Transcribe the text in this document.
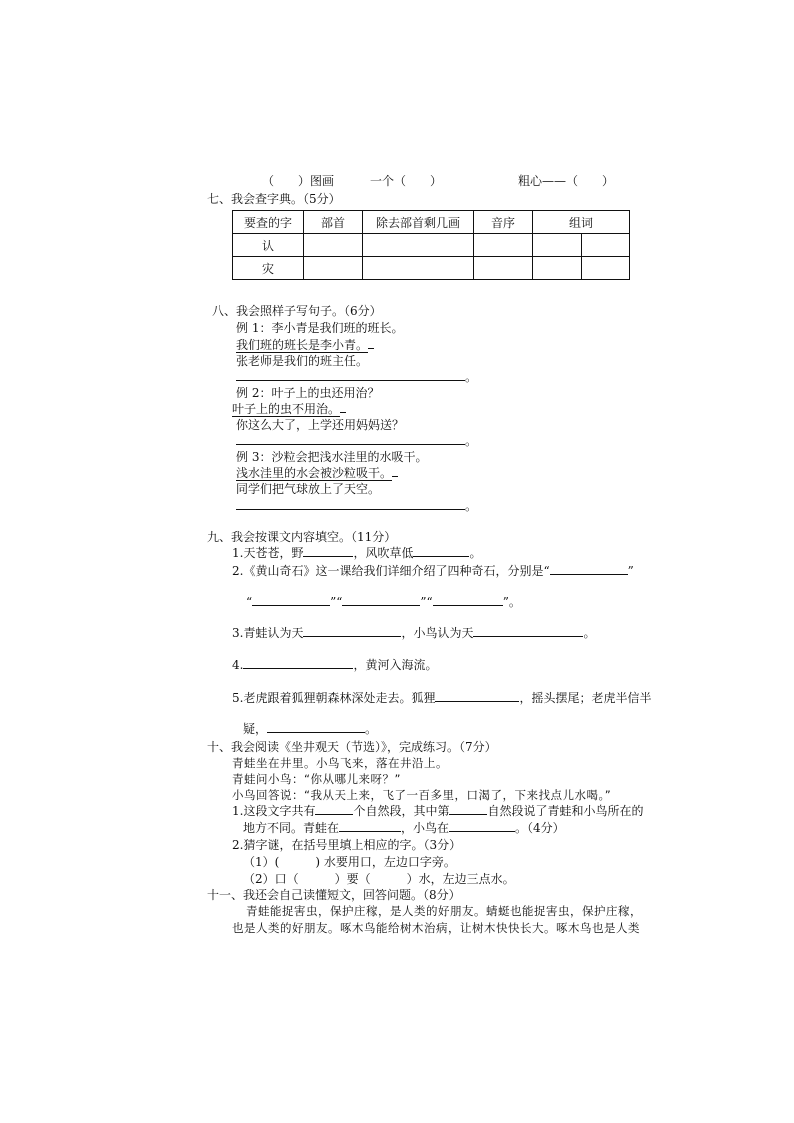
（　　）图画	一个（　　）	粗心——（　　）
七、我会查字典。（5分）
要查的字	部首	除去部首剩几画	音序	组词	
认					
灾					
八、我会照样子写句子。（6分）
例 1：李小青是我们班的班长。
我们班的班长是李小青。
张老师是我们的班主任。
。
例 2：叶子上的虫还用治？
叶子上的虫不用治。
你这么大了，上学还用妈妈送？
。
例 3：沙粒会把浅水洼里的水吸干。
浅水洼里的水会被沙粒吸干。
同学们把气球放上了天空。
。
九、我会按课文内容填空。（11分）
1.天苍苍，野	，风吹草低	。
2.《黄山奇石》这一课给我们详细介绍了四种奇石，分别是“	”
“	”“	”“	”。
3.青蛙认为天	，小鸟认为天	。
4.	，黄河入海流。
5.老虎跟着狐狸朝森林深处走去。狐狸	，摇头摆尾；老虎半信半
疑，	。
十、我会阅读《坐井观天（节选）》，完成练习。（7分）
青蛙坐在井里。小鸟飞来，落在井沿上。
青蛙问小鸟：“你从哪儿来呀？”
小鸟回答说：“我从天上来，飞了一百多里，口渴了，下来找点儿水喝。”
1.这段文字共有	个自然段，其中第	自然段说了青蛙和小鸟所在的
地方不同。青蛙在	，小鸟在	。（4分）
2.猜字谜，在括号里填上相应的字。（3分）
（1）(　　　) 水要用口，左边口字旁。
（2）口（　　　）要（　　　）水，左边三点水。
十一、我还会自己读懂短文，回答问题。（8分）
青蛙能捉害虫，保护庄稼，是人类的好朋友。蜻蜓也能捉害虫，保护庄稼，
也是人类的好朋友。啄木鸟能给树木治病，让树木快快长大。啄木鸟也是人类
